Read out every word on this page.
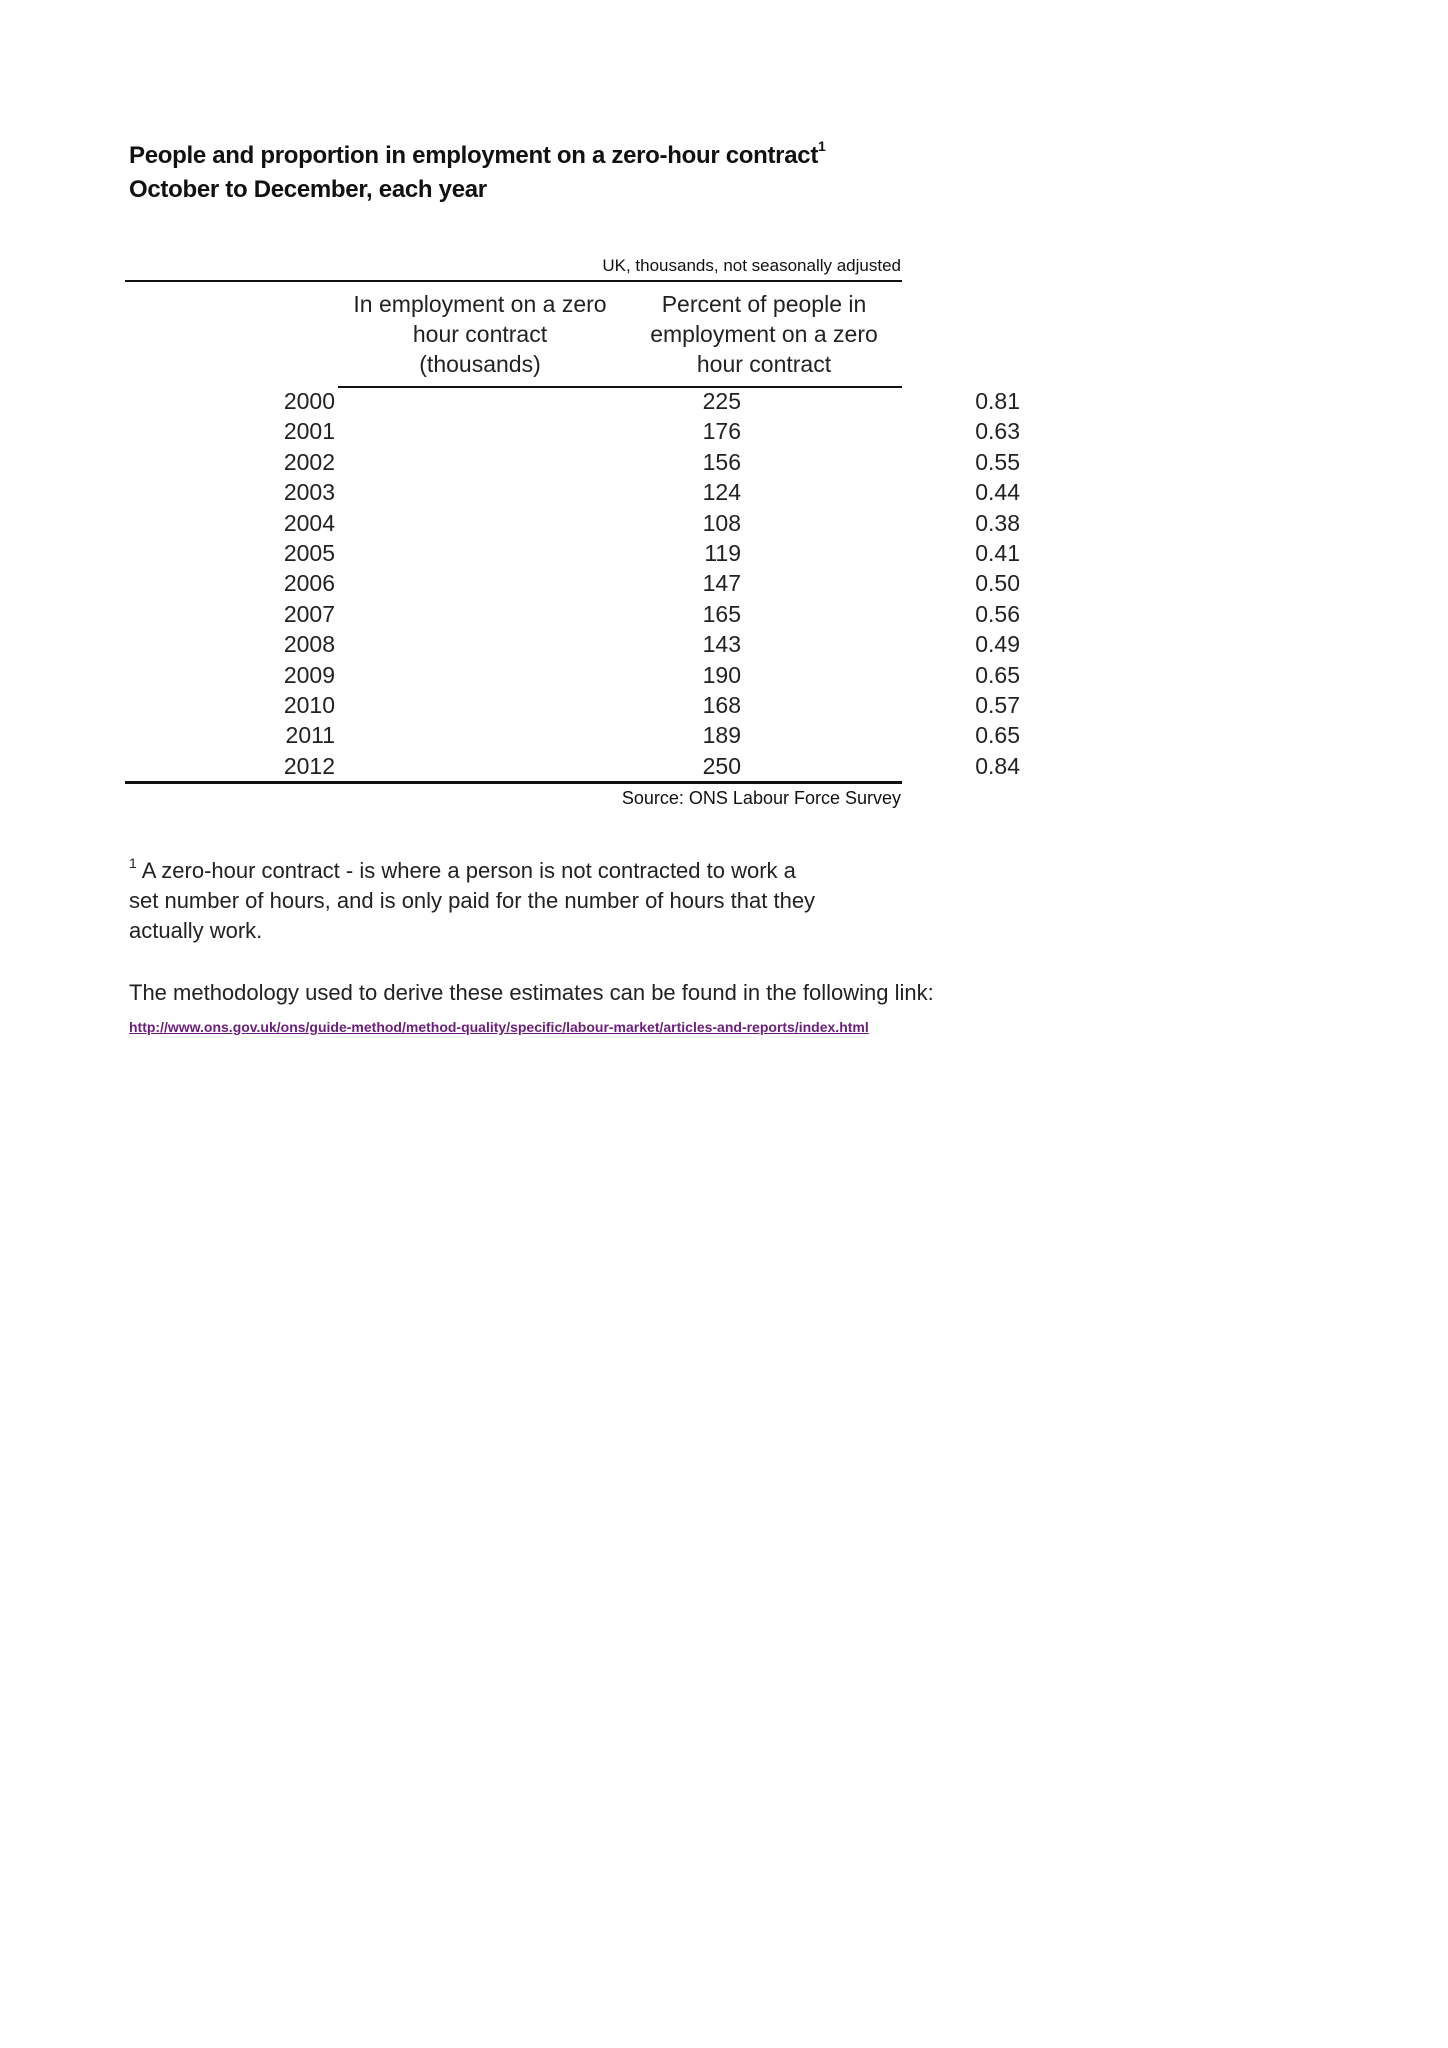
People and proportion in employment on a zero-hour contract$^1$
October to December, each year
UK, thousands, not seasonally adjusted
In employment on a zero
hour contract
(thousands)
Percent of people in
employment on a zero
hour contract
2000	225	0.81
2001	176	0.63
2002	156	0.55
2003	124	0.44
2004	108	0.38
2005	119	0.41
2006	147	0.50
2007	165	0.56
2008	143	0.49
2009	190	0.65
2010	168	0.57
2011	189	0.65
2012	250	0.84
Source: ONS Labour Force Survey
$^1$ A zero-hour contract - is where a person is not contracted to work a
set number of hours, and is only paid for the number of hours that they
actually work.
The methodology used to derive these estimates can be found in the following link:
http://www.ons.gov.uk/ons/guide-method/method-quality/specific/labour-market/articles-and-reports/index.html
